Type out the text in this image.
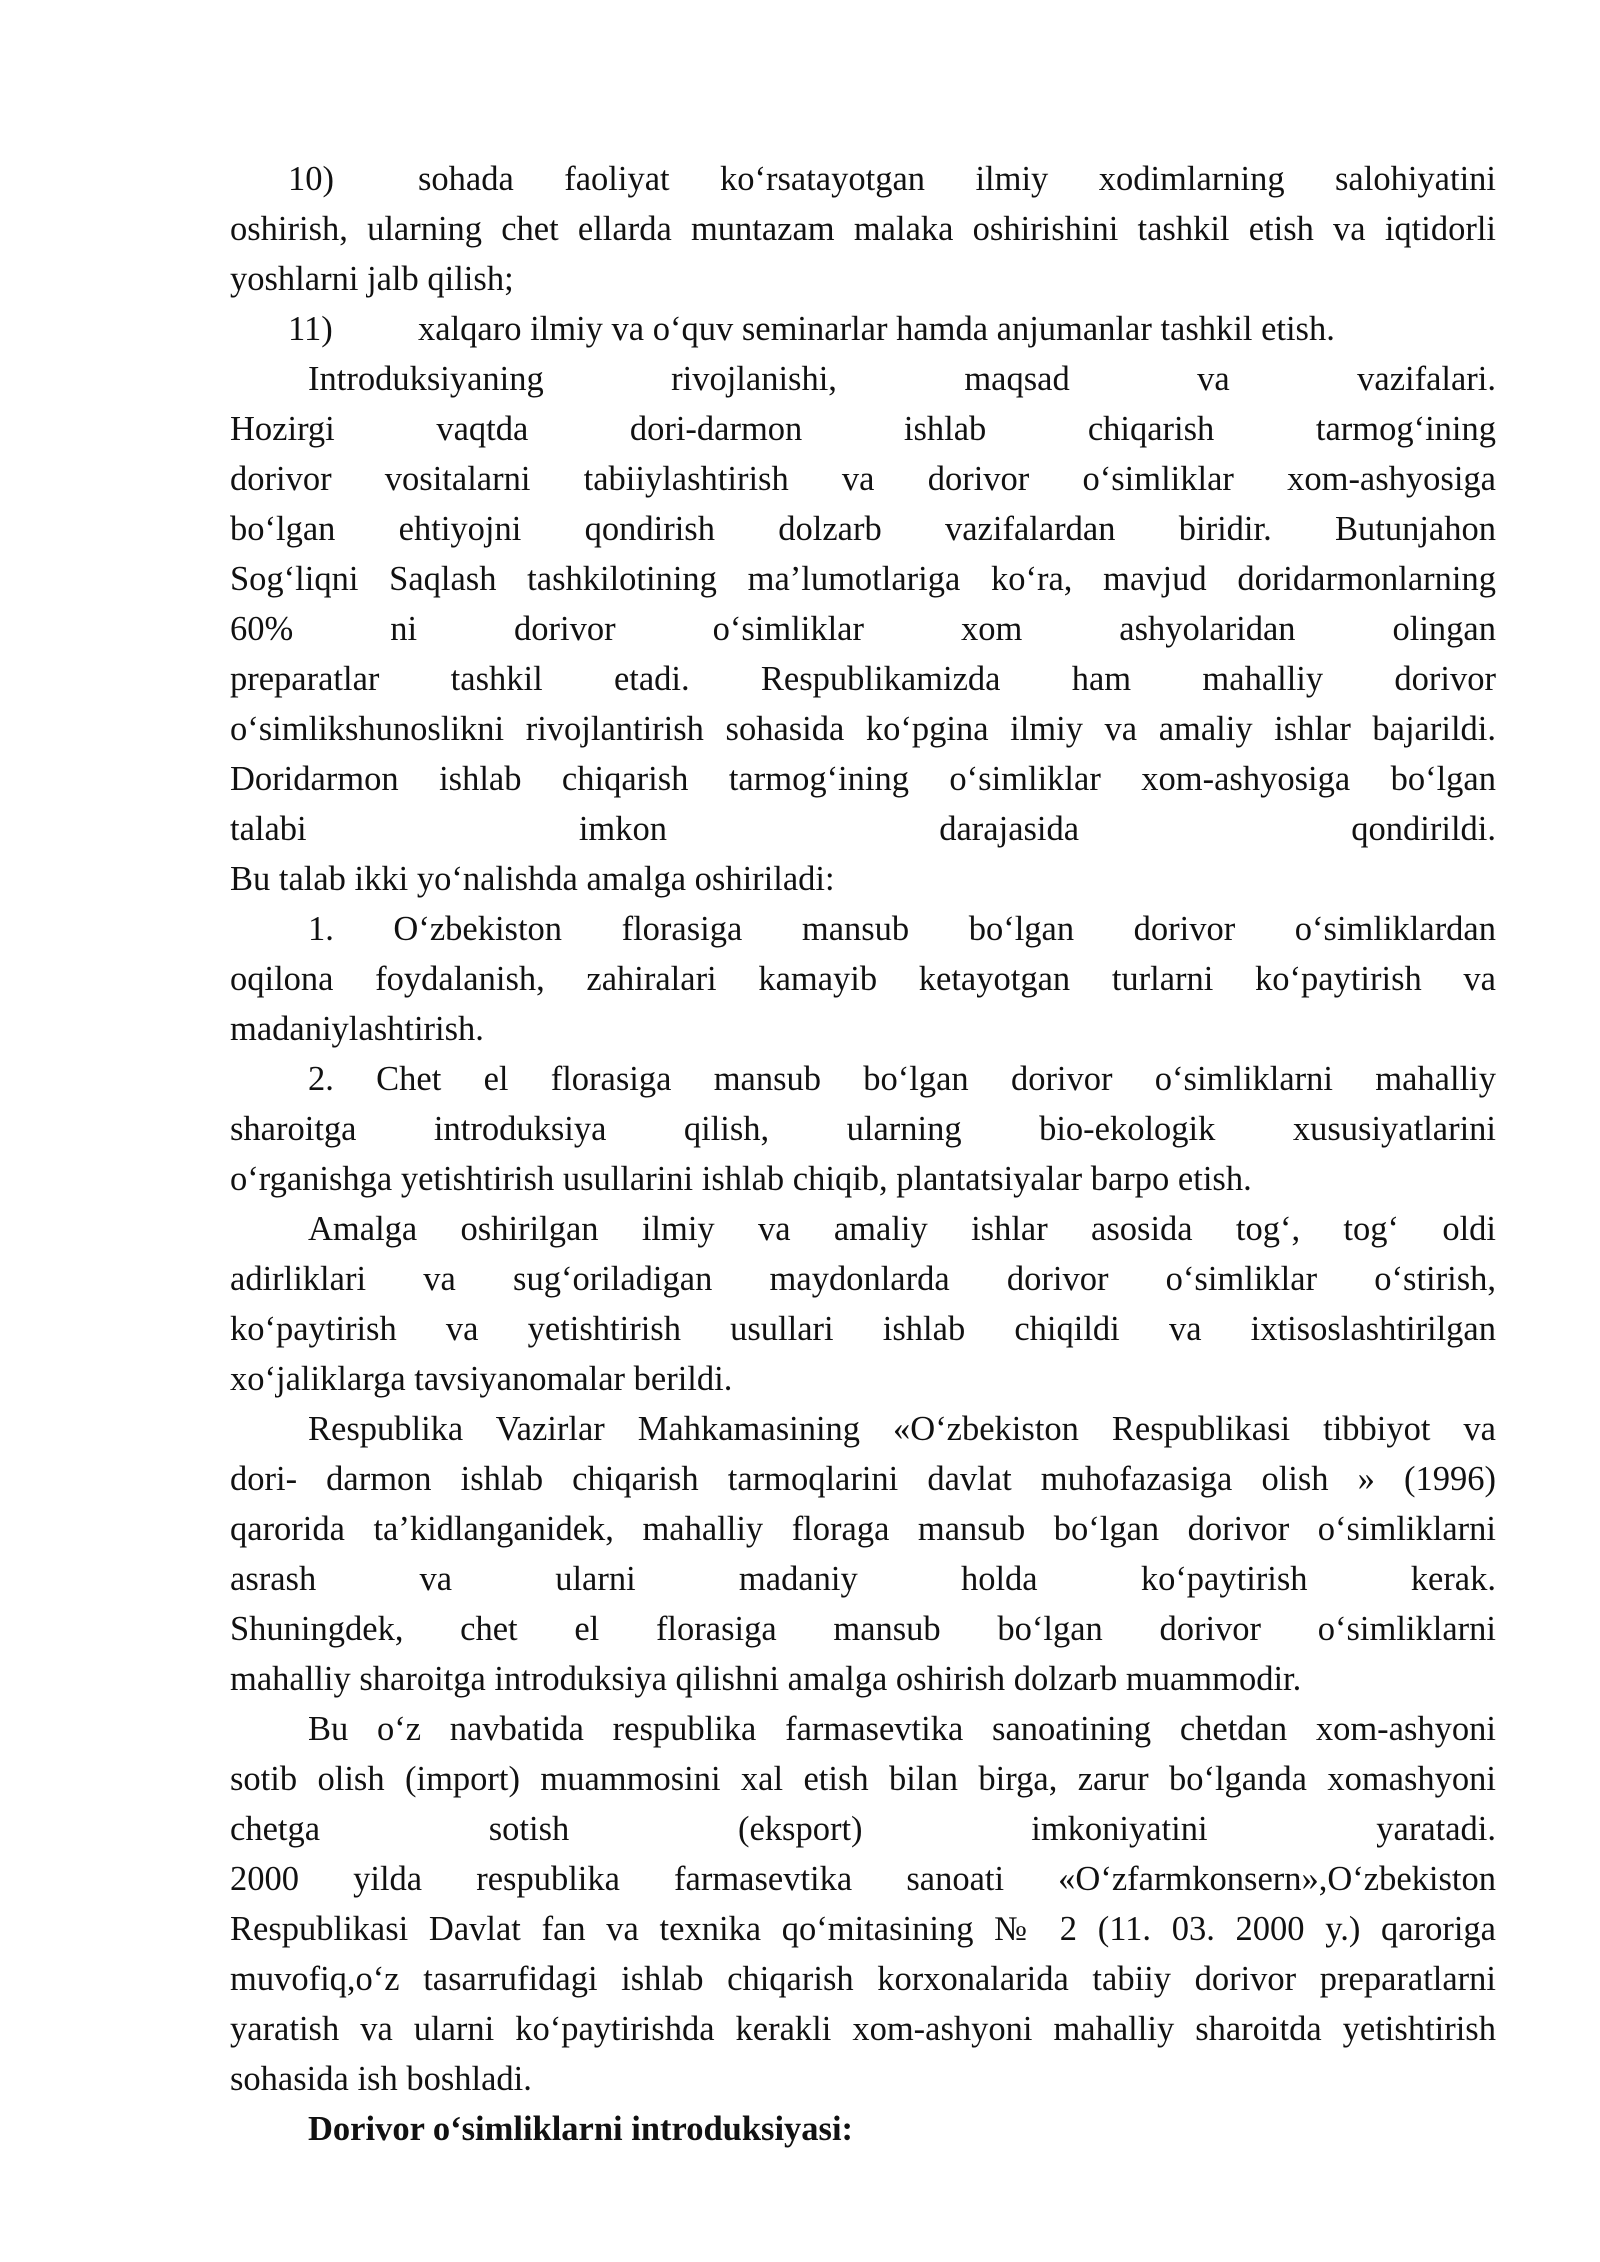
10)	sohada faoliyat ko‘rsatayotgan ilmiy xodimlarning salohiyatini
oshirish, ularning chet ellarda muntazam malaka oshirishini tashkil etish va iqtidorli
yoshlarni jalb qilish;
11)	xalqaro ilmiy va o‘quv seminarlar hamda anjumanlar tashkil etish.
Introduksiyaning rivojlanishi, maqsad va vazifalari.
Hozirgi vaqtda dori-darmon ishlab chiqarish tarmog‘ining
dorivor vositalarni tabiiylashtirish va dorivor o‘simliklar xom-ashyosiga
bo‘lgan ehtiyojni qondirish dolzarb vazifalardan biridir. Butunjahon
Sog‘liqni Saqlash tashkilotining ma’lumotlariga ko‘ra, mavjud doridarmonlarning
60% ni dorivor o‘simliklar xom ashyolaridan olingan
preparatlar tashkil etadi. Respublikamizda ham mahalliy dorivor
o‘simlikshunoslikni rivojlantirish sohasida ko‘pgina ilmiy va amaliy ishlar bajarildi.
Doridarmon ishlab chiqarish tarmog‘ining o‘simliklar xom-ashyosiga bo‘lgan
talabi imkon darajasida qondirildi.
Bu talab ikki yo‘nalishda amalga oshiriladi:
1. O‘zbekiston florasiga mansub bo‘lgan dorivor o‘simliklardan
oqilona foydalanish, zahiralari kamayib ketayotgan turlarni ko‘paytirish va
madaniylashtirish.
2. Chet el florasiga mansub bo‘lgan dorivor o‘simliklarni mahalliy
sharoitga introduksiya qilish, ularning bio-ekologik xususiyatlarini
o‘rganishga yetishtirish usullarini ishlab chiqib, plantatsiyalar barpo etish.
Amalga oshirilgan ilmiy va amaliy ishlar asosida tog‘, tog‘ oldi
adirliklari va sug‘oriladigan maydonlarda dorivor o‘simliklar o‘stirish,
ko‘paytirish va yetishtirish usullari ishlab chiqildi va ixtisoslashtirilgan
xo‘jaliklarga tavsiyanomalar berildi.
Respublika Vazirlar Mahkamasining «O‘zbekiston Respublikasi tibbiyot va
dori- darmon ishlab chiqarish tarmoqlarini davlat muhofazasiga olish » (1996)
qarorida ta’kidlanganidek, mahalliy floraga mansub bo‘lgan dorivor o‘simliklarni
asrash va ularni madaniy holda ko‘paytirish kerak.
Shuningdek, chet el florasiga mansub bo‘lgan dorivor o‘simliklarni
mahalliy sharoitga introduksiya qilishni amalga oshirish dolzarb muammodir.
Bu o‘z navbatida respublika farmasevtika sanoatining chetdan xom-ashyoni
sotib olish (import) muammosini xal etish bilan birga, zarur bo‘lganda xomashyoni
chetga sotish (eksport) imkoniyatini yaratadi.
2000 yilda respublika farmasevtika sanoati «O‘zfarmkonsern»,O‘zbekiston
Respublikasi Davlat fan va texnika qo‘mitasining № 2 (11. 03. 2000 y.) qaroriga
muvofiq,o‘z tasarrufidagi ishlab chiqarish korxonalarida tabiiy dorivor preparatlarni
yaratish va ularni ko‘paytirishda kerakli xom-ashyoni mahalliy sharoitda yetishtirish
sohasida ish boshladi.
Dorivor o‘simliklarni introduksiyasi:
